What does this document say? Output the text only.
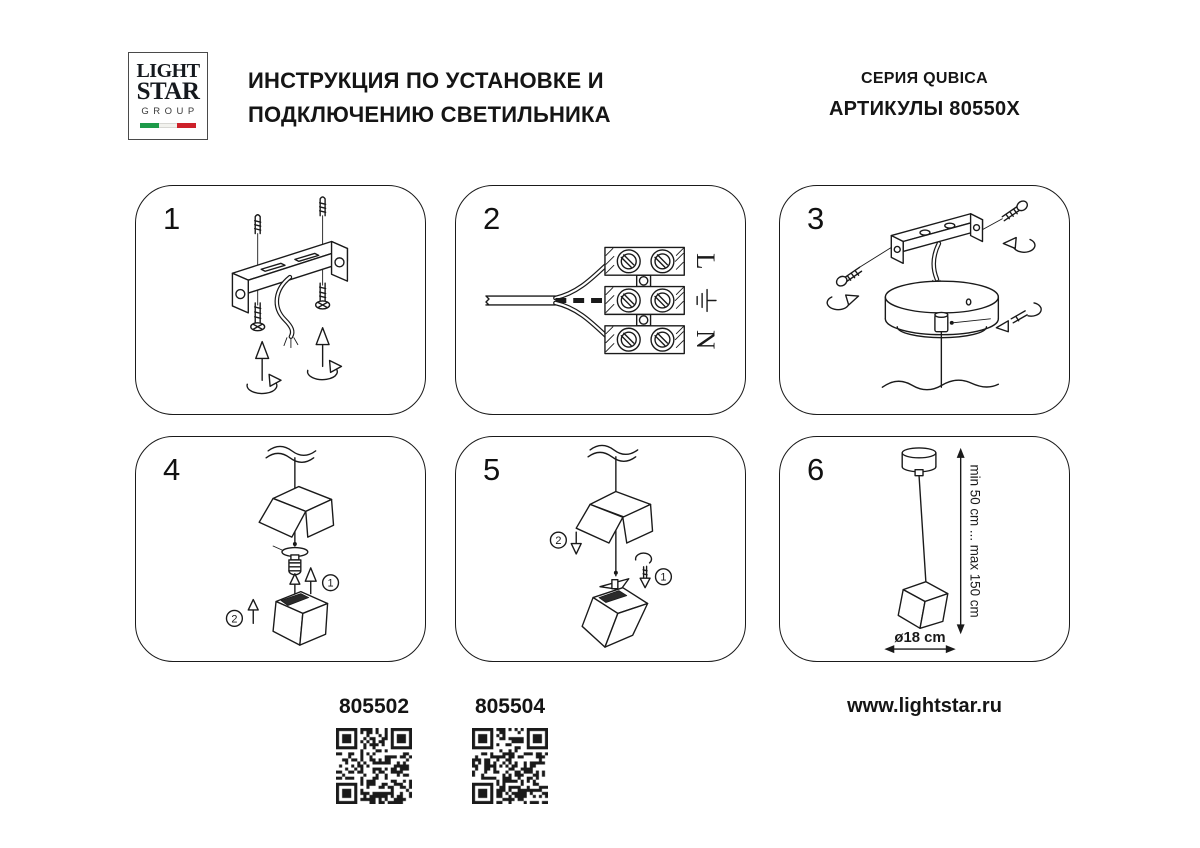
LIGHT
STAR
GROUP
ИНСТРУКЦИЯ ПО УСТАНОВКЕ И
ПОДКЛЮЧЕНИЮ СВЕТИЛЬНИКА
СЕРИЯ QUBICA
АРТИКУЛЫ 80550X
1	2
L
N
3
4
1
2
5
2
1
6	min 50 cm ... max 150 cm
ø18 cm
805502	805504	www.lightstar.ru
